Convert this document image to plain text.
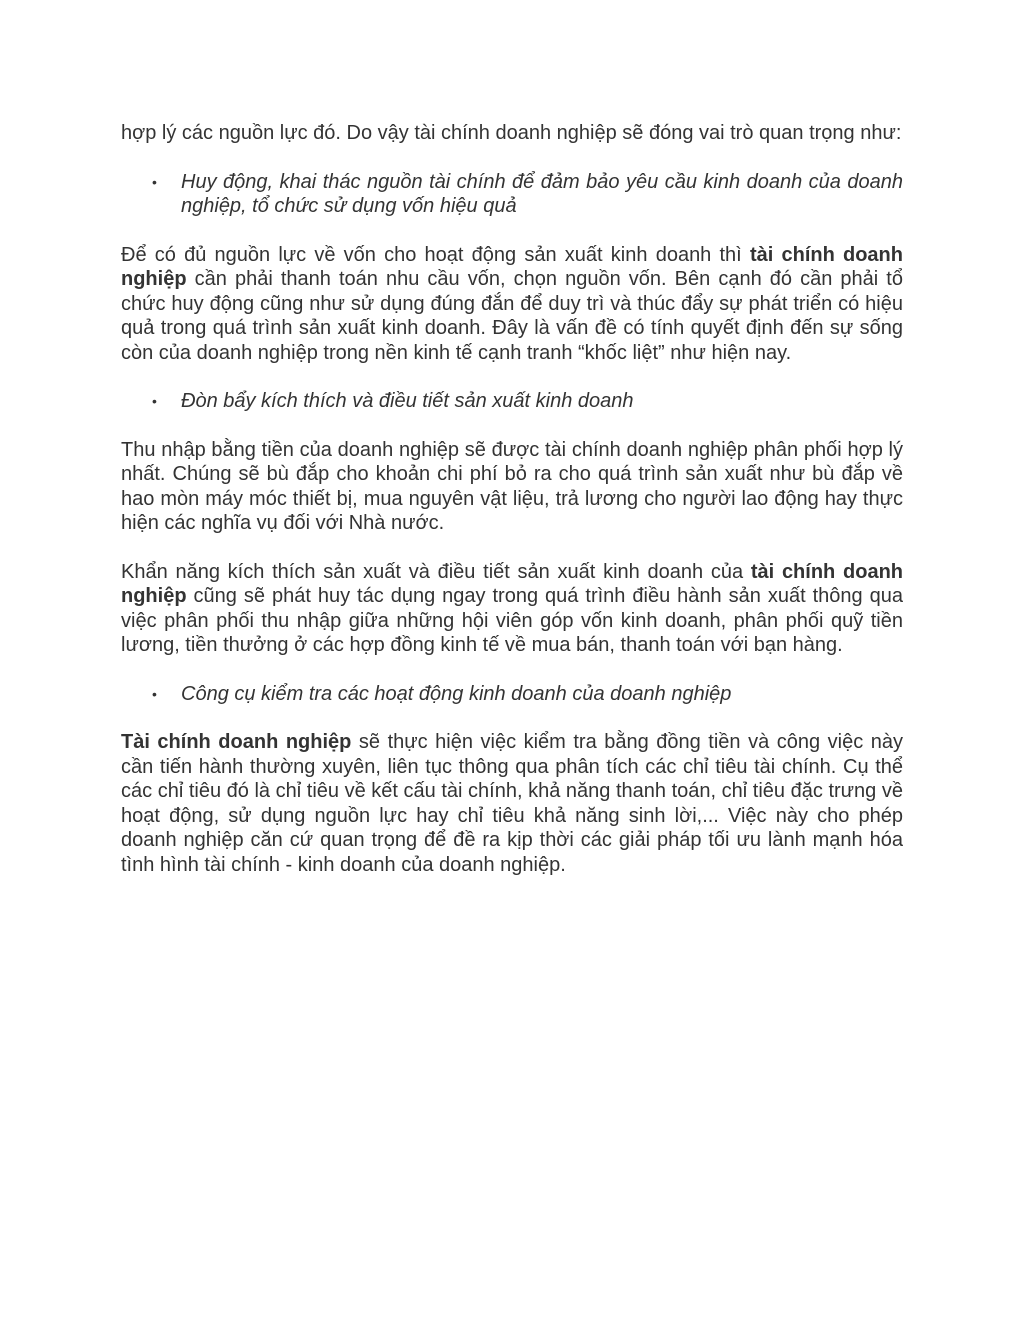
hợp lý các nguồn lực đó. Do vậy tài chính doanh nghiệp sẽ đóng vai trò quan trọng như:

• Huy động, khai thác nguồn tài chính để đảm bảo yêu cầu kinh doanh của doanh nghiệp, tổ chức sử dụng vốn hiệu quả

Để có đủ nguồn lực về vốn cho hoạt động sản xuất kinh doanh thì tài chính doanh nghiệp cần phải thanh toán nhu cầu vốn, chọn nguồn vốn. Bên cạnh đó cần phải tổ chức huy động cũng như sử dụng đúng đắn để duy trì và thúc đẩy sự phát triển có hiệu quả trong quá trình sản xuất kinh doanh. Đây là vấn đề có tính quyết định đến sự sống còn của doanh nghiệp trong nền kinh tế cạnh tranh “khốc liệt” như hiện nay.

• Đòn bẩy kích thích và điều tiết sản xuất kinh doanh

Thu nhập bằng tiền của doanh nghiệp sẽ được tài chính doanh nghiệp phân phối hợp lý nhất. Chúng sẽ bù đắp cho khoản chi phí bỏ ra cho quá trình sản xuất như bù đắp về hao mòn máy móc thiết bị, mua nguyên vật liệu, trả lương cho người lao động hay thực hiện các nghĩa vụ đối với Nhà nước.

Khẩn năng kích thích sản xuất và điều tiết sản xuất kinh doanh của tài chính doanh nghiệp cũng sẽ phát huy tác dụng ngay trong quá trình điều hành sản xuất thông qua việc phân phối thu nhập giữa những hội viên góp vốn kinh doanh, phân phối quỹ tiền lương, tiền thưởng ở các hợp đồng kinh tế về mua bán, thanh toán với bạn hàng.

• Công cụ kiểm tra các hoạt động kinh doanh của doanh nghiệp

Tài chính doanh nghiệp sẽ thực hiện việc kiểm tra bằng đồng tiền và công việc này cần tiến hành thường xuyên, liên tục thông qua phân tích các chỉ tiêu tài chính. Cụ thể các chỉ tiêu đó là chỉ tiêu về kết cấu tài chính, khả năng thanh toán, chỉ tiêu đặc trưng về hoạt động, sử dụng nguồn lực hay chỉ tiêu khả năng sinh lời,... Việc này cho phép doanh nghiệp căn cứ quan trọng để đề ra kịp thời các giải pháp tối ưu lành mạnh hóa tình hình tài chính - kinh doanh của doanh nghiệp.
